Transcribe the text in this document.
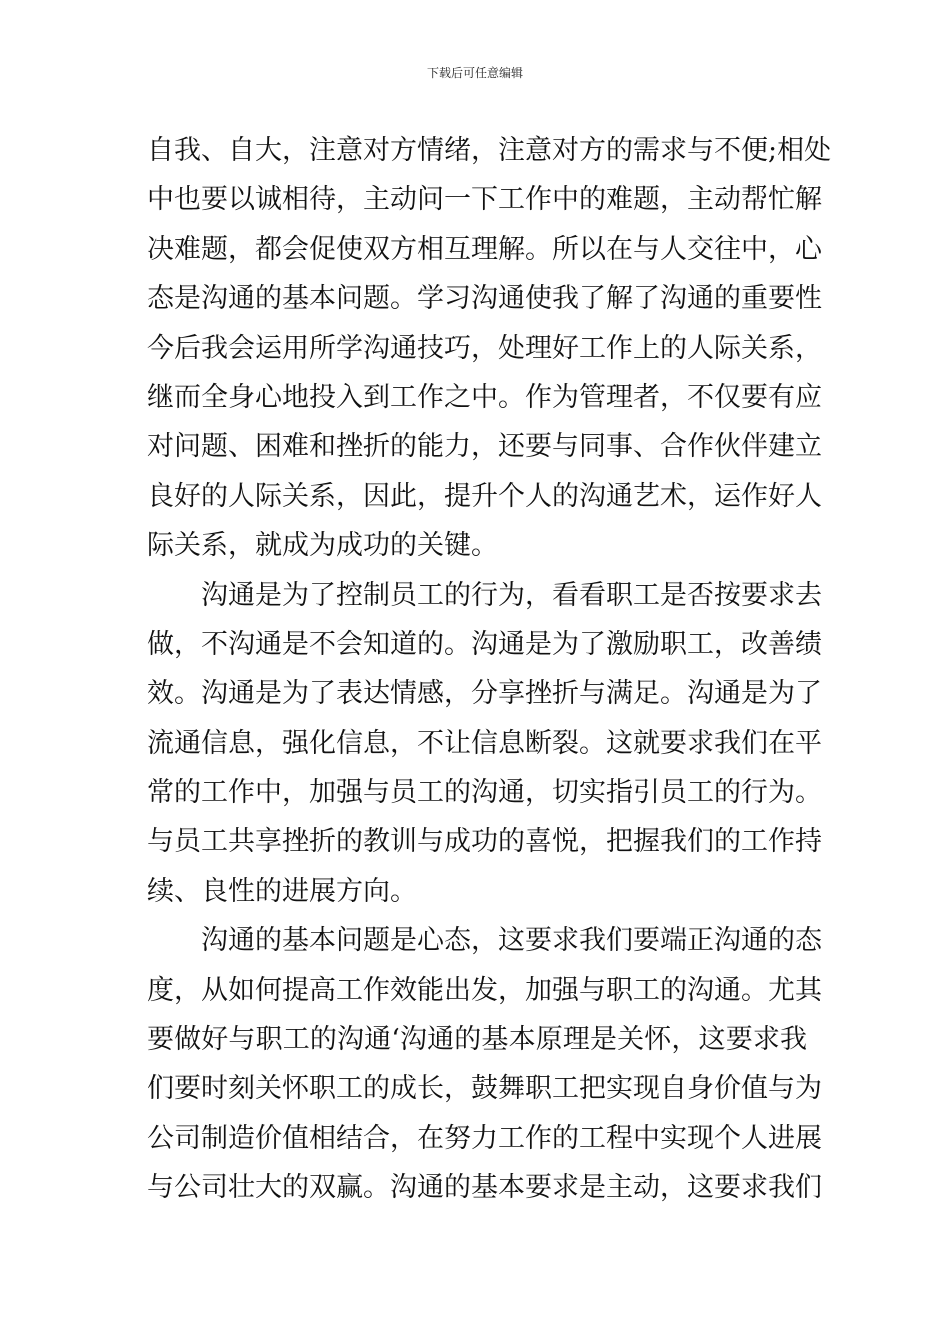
下载后可任意编辑
自我、自大，注意对方情绪，注意对方的需求与不便;相处
中也要以诚相待，主动问一下工作中的难题，主动帮忙解
决难题，都会促使双方相互理解。所以在与人交往中，心
态是沟通的基本问题。学习沟通使我了解了沟通的重要性
今后我会运用所学沟通技巧，处理好工作上的人际关系，
继而全身心地投入到工作之中。作为管理者，不仅要有应
对问题、困难和挫折的能力，还要与同事、合作伙伴建立
良好的人际关系，因此，提升个人的沟通艺术，运作好人
际关系，就成为成功的关键。
沟通是为了控制员工的行为，看看职工是否按要求去
做，不沟通是不会知道的。沟通是为了激励职工，改善绩
效。沟通是为了表达情感，分享挫折与满足。沟通是为了
流通信息，强化信息，不让信息断裂。这就要求我们在平
常的工作中，加强与员工的沟通，切实指引员工的行为。
与员工共享挫折的教训与成功的喜悦，把握我们的工作持
续、良性的进展方向。
沟通的基本问题是心态，这要求我们要端正沟通的态
度，从如何提高工作效能出发，加强与职工的沟通。尤其
要做好与职工的沟通‘沟通的基本原理是关怀，这要求我
们要时刻关怀职工的成长，鼓舞职工把实现自身价值与为
公司制造价值相结合，在努力工作的工程中实现个人进展
与公司壮大的双赢。沟通的基本要求是主动，这要求我们
